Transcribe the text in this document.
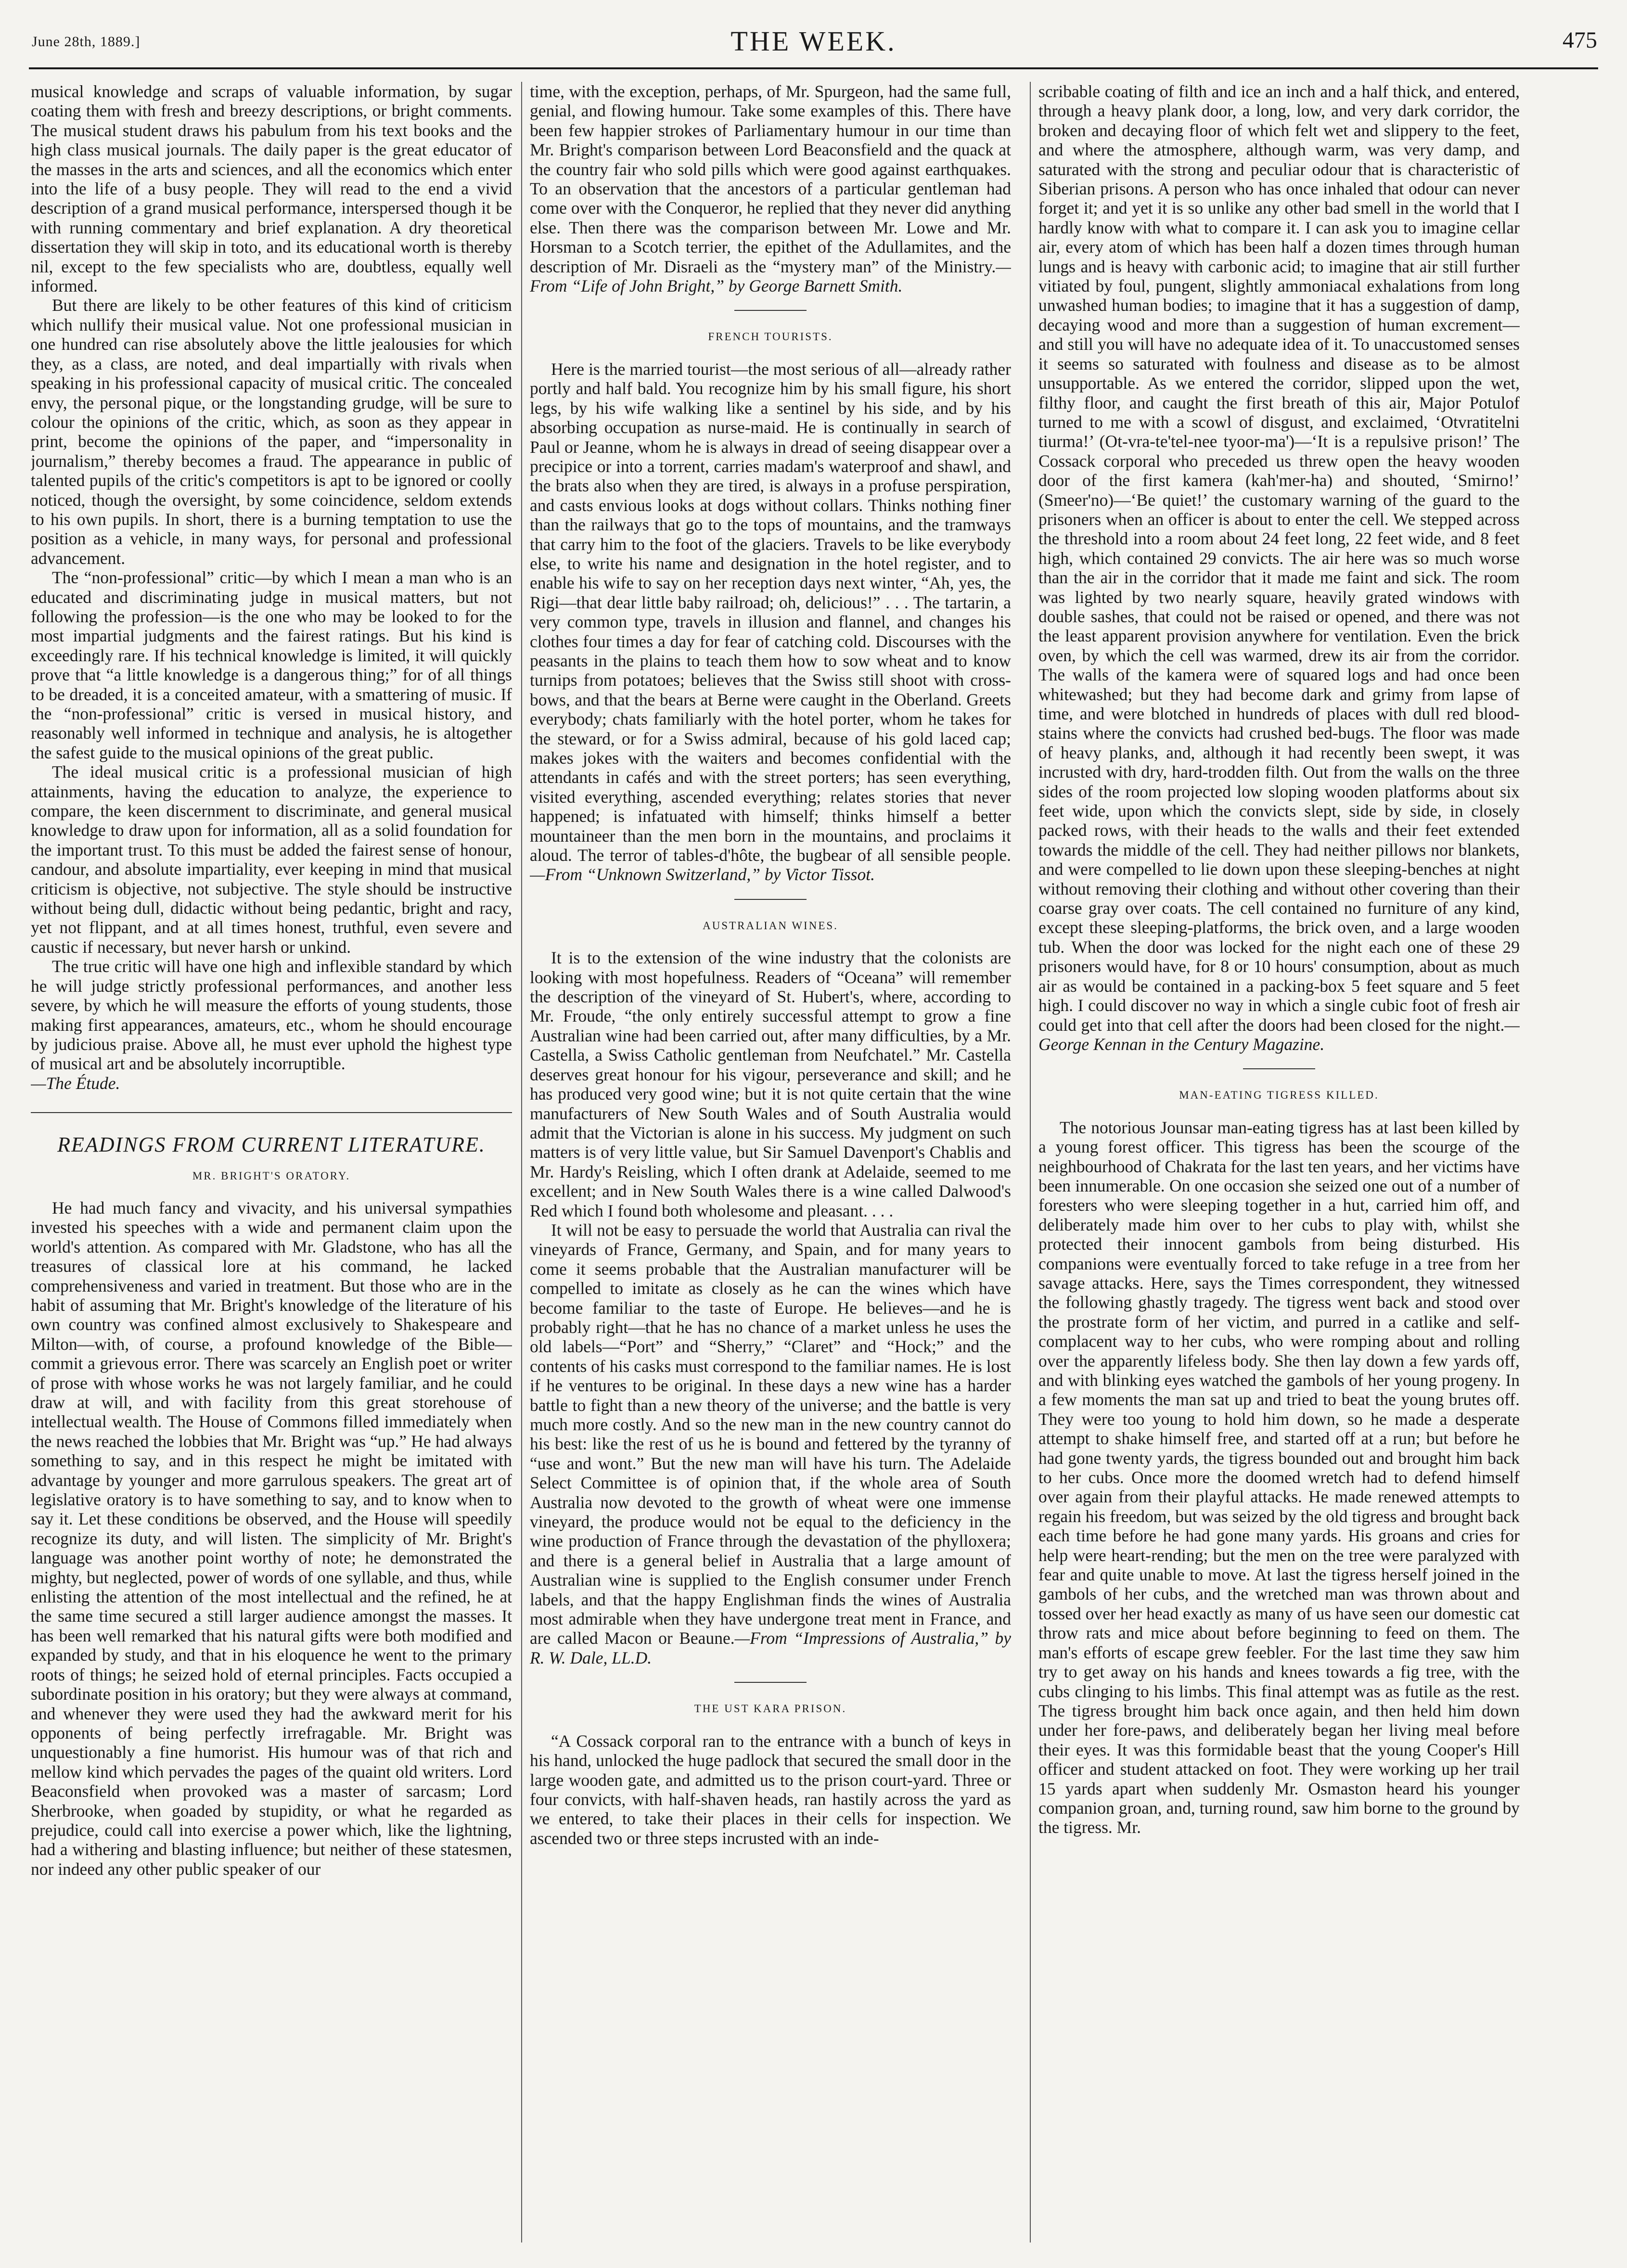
June 28th, 1889.]	THE WEEK.	475

musical knowledge and scraps of valuable information, by sugar coating them with fresh and breezy descriptions, or bright comments. The musical student draws his pabulum from his text books and the high class musical journals. The daily paper is the great educator of the masses in the arts and sciences, and all the economics which enter into the life of a busy people. They will read to the end a vivid description of a grand musical performance, interspersed though it be with running commentary and brief explanation. A dry theoretical dissertation they will skip in toto, and its educational worth is thereby nil, except to the few specialists who are, doubtless, equally well informed.

But there are likely to be other features of this kind of criticism which nullify their musical value. Not one professional musician in one hundred can rise absolutely above the little jealousies for which they, as a class, are noted, and deal impartially with rivals when speaking in his professional capacity of musical critic. The concealed envy, the personal pique, or the longstanding grudge, will be sure to colour the opinions of the critic, which, as soon as they appear in print, become the opinions of the paper, and “impersonality in journalism,” thereby becomes a fraud. The appearance in public of talented pupils of the critic's competitors is apt to be ignored or coolly noticed, though the oversight, by some coincidence, seldom extends to his own pupils. In short, there is a burning temptation to use the position as a vehicle, in many ways, for personal and professional advancement.

The “non-professional” critic—by which I mean a man who is an educated and discriminating judge in musical matters, but not following the profession—is the one who may be looked to for the most impartial judgments and the fairest ratings. But his kind is exceedingly rare. If his technical knowledge is limited, it will quickly prove that “a little knowledge is a dangerous thing;” for of all things to be dreaded, it is a conceited amateur, with a smattering of music. If the “non-professional” critic is versed in musical history, and reasonably well informed in technique and analysis, he is altogether the safest guide to the musical opinions of the great public.

The ideal musical critic is a professional musician of high attainments, having the education to analyze, the experience to compare, the keen discernment to discriminate, and general musical knowledge to draw upon for information, all as a solid foundation for the important trust. To this must be added the fairest sense of honour, candour, and absolute impartiality, ever keeping in mind that musical criticism is objective, not subjective. The style should be instructive without being dull, didactic without being pedantic, bright and racy, yet not flippant, and at all times honest, truthful, even severe and caustic if necessary, but never harsh or unkind.

The true critic will have one high and inflexible standard by which he will judge strictly professional performances, and another less severe, by which he will measure the efforts of young students, those making first appearances, amateurs, etc., whom he should encourage by judicious praise. Above all, he must ever uphold the highest type of musical art and be absolutely incorruptible.
—The Étude.

READINGS FROM CURRENT LITERATURE.
MR. BRIGHT'S ORATORY.

He had much fancy and vivacity, and his universal sympathies invested his speeches with a wide and permanent claim upon the world's attention. As compared with Mr. Gladstone, who has all the treasures of classical lore at his command, he lacked comprehensiveness and varied in treatment. But those who are in the habit of assuming that Mr. Bright's knowledge of the literature of his own country was confined almost exclusively to Shakespeare and Milton—with, of course, a profound knowledge of the Bible—commit a grievous error. There was scarcely an English poet or writer of prose with whose works he was not largely familiar, and he could draw at will, and with facility from this great storehouse of intellectual wealth. The House of Commons filled immediately when the news reached the lobbies that Mr. Bright was “up.” He had always something to say, and in this respect he might be imitated with advantage by younger and more garrulous speakers. The great art of legislative oratory is to have something to say, and to know when to say it. Let these conditions be observed, and the House will speedily recognize its duty, and will listen. The simplicity of Mr. Bright's language was another point worthy of note; he demonstrated the mighty, but neglected, power of words of one syllable, and thus, while enlisting the attention of the most intellectual and the refined, he at the same time secured a still larger audience amongst the masses. It has been well remarked that his natural gifts were both modified and expanded by study, and that in his eloquence he went to the primary roots of things; he seized hold of eternal principles. Facts occupied a subordinate position in his oratory; but they were always at command, and whenever they were used they had the awkward merit for his opponents of being perfectly irrefragable. Mr. Bright was unquestionably a fine humorist. His humour was of that rich and mellow kind which pervades the pages of the quaint old writers. Lord Beaconsfield when provoked was a master of sarcasm; Lord Sherbrooke, when goaded by stupidity, or what he regarded as prejudice, could call into exercise a power which, like the lightning, had a withering and blasting influence; but neither of these statesmen, nor indeed any other public speaker of our

time, with the exception, perhaps, of Mr. Spurgeon, had the same full, genial, and flowing humour. Take some examples of this. There have been few happier strokes of Parliamentary humour in our time than Mr. Bright's comparison between Lord Beaconsfield and the quack at the country fair who sold pills which were good against earthquakes. To an observation that the ancestors of a particular gentleman had come over with the Conqueror, he replied that they never did anything else. Then there was the comparison between Mr. Lowe and Mr. Horsman to a Scotch terrier, the epithet of the Adullamites, and the description of Mr. Disraeli as the “mystery man” of the Ministry.—From “Life of John Bright,” by George Barnett Smith.

FRENCH TOURISTS.

Here is the married tourist—the most serious of all—already rather portly and half bald. You recognize him by his small figure, his short legs, by his wife walking like a sentinel by his side, and by his absorbing occupation as nurse-maid. He is continually in search of Paul or Jeanne, whom he is always in dread of seeing disappear over a precipice or into a torrent, carries madam's waterproof and shawl, and the brats also when they are tired, is always in a profuse perspiration, and casts envious looks at dogs without collars. Thinks nothing finer than the railways that go to the tops of mountains, and the tramways that carry him to the foot of the glaciers. Travels to be like everybody else, to write his name and designation in the hotel register, and to enable his wife to say on her reception days next winter, “Ah, yes, the Rigi—that dear little baby railroad; oh, delicious!” . . . The tartarin, a very common type, travels in illusion and flannel, and changes his clothes four times a day for fear of catching cold. Discourses with the peasants in the plains to teach them how to sow wheat and to know turnips from potatoes; believes that the Swiss still shoot with cross-bows, and that the bears at Berne were caught in the Oberland. Greets everybody; chats familiarly with the hotel porter, whom he takes for the steward, or for a Swiss admiral, because of his gold laced cap; makes jokes with the waiters and becomes confidential with the attendants in cafés and with the street porters; has seen everything, visited everything, ascended everything; relates stories that never happened; is infatuated with himself; thinks himself a better mountaineer than the men born in the mountains, and proclaims it aloud. The terror of tables-d'hôte, the bugbear of all sensible people.—From “Unknown Switzerland,” by Victor Tissot.

AUSTRALIAN WINES.

It is to the extension of the wine industry that the colonists are looking with most hopefulness. Readers of “Oceana” will remember the description of the vineyard of St. Hubert's, where, according to Mr. Froude, “the only entirely successful attempt to grow a fine Australian wine had been carried out, after many difficulties, by a Mr. Castella, a Swiss Catholic gentleman from Neufchatel.” Mr. Castella deserves great honour for his vigour, perseverance and skill; and he has produced very good wine; but it is not quite certain that the wine manufacturers of New South Wales and of South Australia would admit that the Victorian is alone in his success. My judgment on such matters is of very little value, but Sir Samuel Davenport's Chablis and Mr. Hardy's Reisling, which I often drank at Adelaide, seemed to me excellent; and in New South Wales there is a wine called Dalwood's Red which I found both wholesome and pleasant. . . .

It will not be easy to persuade the world that Australia can rival the vineyards of France, Germany, and Spain, and for many years to come it seems probable that the Australian manufacturer will be compelled to imitate as closely as he can the wines which have become familiar to the taste of Europe. He believes—and he is probably right—that he has no chance of a market unless he uses the old labels—“Port” and “Sherry,” “Claret” and “Hock;” and the contents of his casks must correspond to the familiar names. He is lost if he ventures to be original. In these days a new wine has a harder battle to fight than a new theory of the universe; and the battle is very much more costly. And so the new man in the new country cannot do his best: like the rest of us he is bound and fettered by the tyranny of “use and wont.” But the new man will have his turn. The Adelaide Select Committee is of opinion that, if the whole area of South Australia now devoted to the growth of wheat were one immense vineyard, the produce would not be equal to the deficiency in the wine production of France through the devastation of the phylloxera; and there is a general belief in Australia that a large amount of Australian wine is supplied to the English consumer under French labels, and that the happy Englishman finds the wines of Australia most admirable when they have undergone treat ment in France, and are called Macon or Beaune.—From “Impressions of Australia,” by R. W. Dale, LL.D.

THE UST KARA PRISON.

“A Cossack corporal ran to the entrance with a bunch of keys in his hand, unlocked the huge padlock that secured the small door in the large wooden gate, and admitted us to the prison court-yard. Three or four convicts, with half-shaven heads, ran hastily across the yard as we entered, to take their places in their cells for inspection. We ascended two or three steps incrusted with an inde-

scribable coating of filth and ice an inch and a half thick, and entered, through a heavy plank door, a long, low, and very dark corridor, the broken and decaying floor of which felt wet and slippery to the feet, and where the atmosphere, although warm, was very damp, and saturated with the strong and peculiar odour that is characteristic of Siberian prisons. A person who has once inhaled that odour can never forget it; and yet it is so unlike any other bad smell in the world that I hardly know with what to compare it. I can ask you to imagine cellar air, every atom of which has been half a dozen times through human lungs and is heavy with carbonic acid; to imagine that air still further vitiated by foul, pungent, slightly ammoniacal exhalations from long unwashed human bodies; to imagine that it has a suggestion of damp, decaying wood and more than a suggestion of human excrement—and still you will have no adequate idea of it. To unaccustomed senses it seems so saturated with foulness and disease as to be almost unsupportable. As we entered the corridor, slipped upon the wet, filthy floor, and caught the first breath of this air, Major Potulof turned to me with a scowl of disgust, and exclaimed, ‘Otvratitelni tiurma!’ (Ot-vra-te'tel-nee tyoor-ma')—‘It is a repulsive prison!’ The Cossack corporal who preceded us threw open the heavy wooden door of the first kamera (kah'mer-ha) and shouted, ‘Smirno!’ (Smeer'no)—‘Be quiet!’ the customary warning of the guard to the prisoners when an officer is about to enter the cell. We stepped across the threshold into a room about 24 feet long, 22 feet wide, and 8 feet high, which contained 29 convicts. The air here was so much worse than the air in the corridor that it made me faint and sick. The room was lighted by two nearly square, heavily grated windows with double sashes, that could not be raised or opened, and there was not the least apparent provision anywhere for ventilation. Even the brick oven, by which the cell was warmed, drew its air from the corridor. The walls of the kamera were of squared logs and had once been whitewashed; but they had become dark and grimy from lapse of time, and were blotched in hundreds of places with dull red blood-stains where the convicts had crushed bed-bugs. The floor was made of heavy planks, and, although it had recently been swept, it was incrusted with dry, hard-trodden filth. Out from the walls on the three sides of the room projected low sloping wooden platforms about six feet wide, upon which the convicts slept, side by side, in closely packed rows, with their heads to the walls and their feet extended towards the middle of the cell. They had neither pillows nor blankets, and were compelled to lie down upon these sleeping-benches at night without removing their clothing and without other covering than their coarse gray over coats. The cell contained no furniture of any kind, except these sleeping-platforms, the brick oven, and a large wooden tub. When the door was locked for the night each one of these 29 prisoners would have, for 8 or 10 hours' consumption, about as much air as would be contained in a packing-box 5 feet square and 5 feet high. I could discover no way in which a single cubic foot of fresh air could get into that cell after the doors had been closed for the night.—George Kennan in the Century Magazine.

MAN-EATING TIGRESS KILLED.

The notorious Jounsar man-eating tigress has at last been killed by a young forest officer. This tigress has been the scourge of the neighbourhood of Chakrata for the last ten years, and her victims have been innumerable. On one occasion she seized one out of a number of foresters who were sleeping together in a hut, carried him off, and deliberately made him over to her cubs to play with, whilst she protected their innocent gambols from being disturbed. His companions were eventually forced to take refuge in a tree from her savage attacks. Here, says the Times correspondent, they witnessed the following ghastly tragedy. The tigress went back and stood over the prostrate form of her victim, and purred in a catlike and self-complacent way to her cubs, who were romping about and rolling over the apparently lifeless body. She then lay down a few yards off, and with blinking eyes watched the gambols of her young progeny. In a few moments the man sat up and tried to beat the young brutes off. They were too young to hold him down, so he made a desperate attempt to shake himself free, and started off at a run; but before he had gone twenty yards, the tigress bounded out and brought him back to her cubs. Once more the doomed wretch had to defend himself over again from their playful attacks. He made renewed attempts to regain his freedom, but was seized by the old tigress and brought back each time before he had gone many yards. His groans and cries for help were heart-rending; but the men on the tree were paralyzed with fear and quite unable to move. At last the tigress herself joined in the gambols of her cubs, and the wretched man was thrown about and tossed over her head exactly as many of us have seen our domestic cat throw rats and mice about before beginning to feed on them. The man's efforts of escape grew feebler. For the last time they saw him try to get away on his hands and knees towards a fig tree, with the cubs clinging to his limbs. This final attempt was as futile as the rest. The tigress brought him back once again, and then held him down under her fore-paws, and deliberately began her living meal before their eyes. It was this formidable beast that the young Cooper's Hill officer and student attacked on foot. They were working up her trail 15 yards apart when suddenly Mr. Osmaston heard his younger companion groan, and, turning round, saw him borne to the ground by the tigress. Mr.
